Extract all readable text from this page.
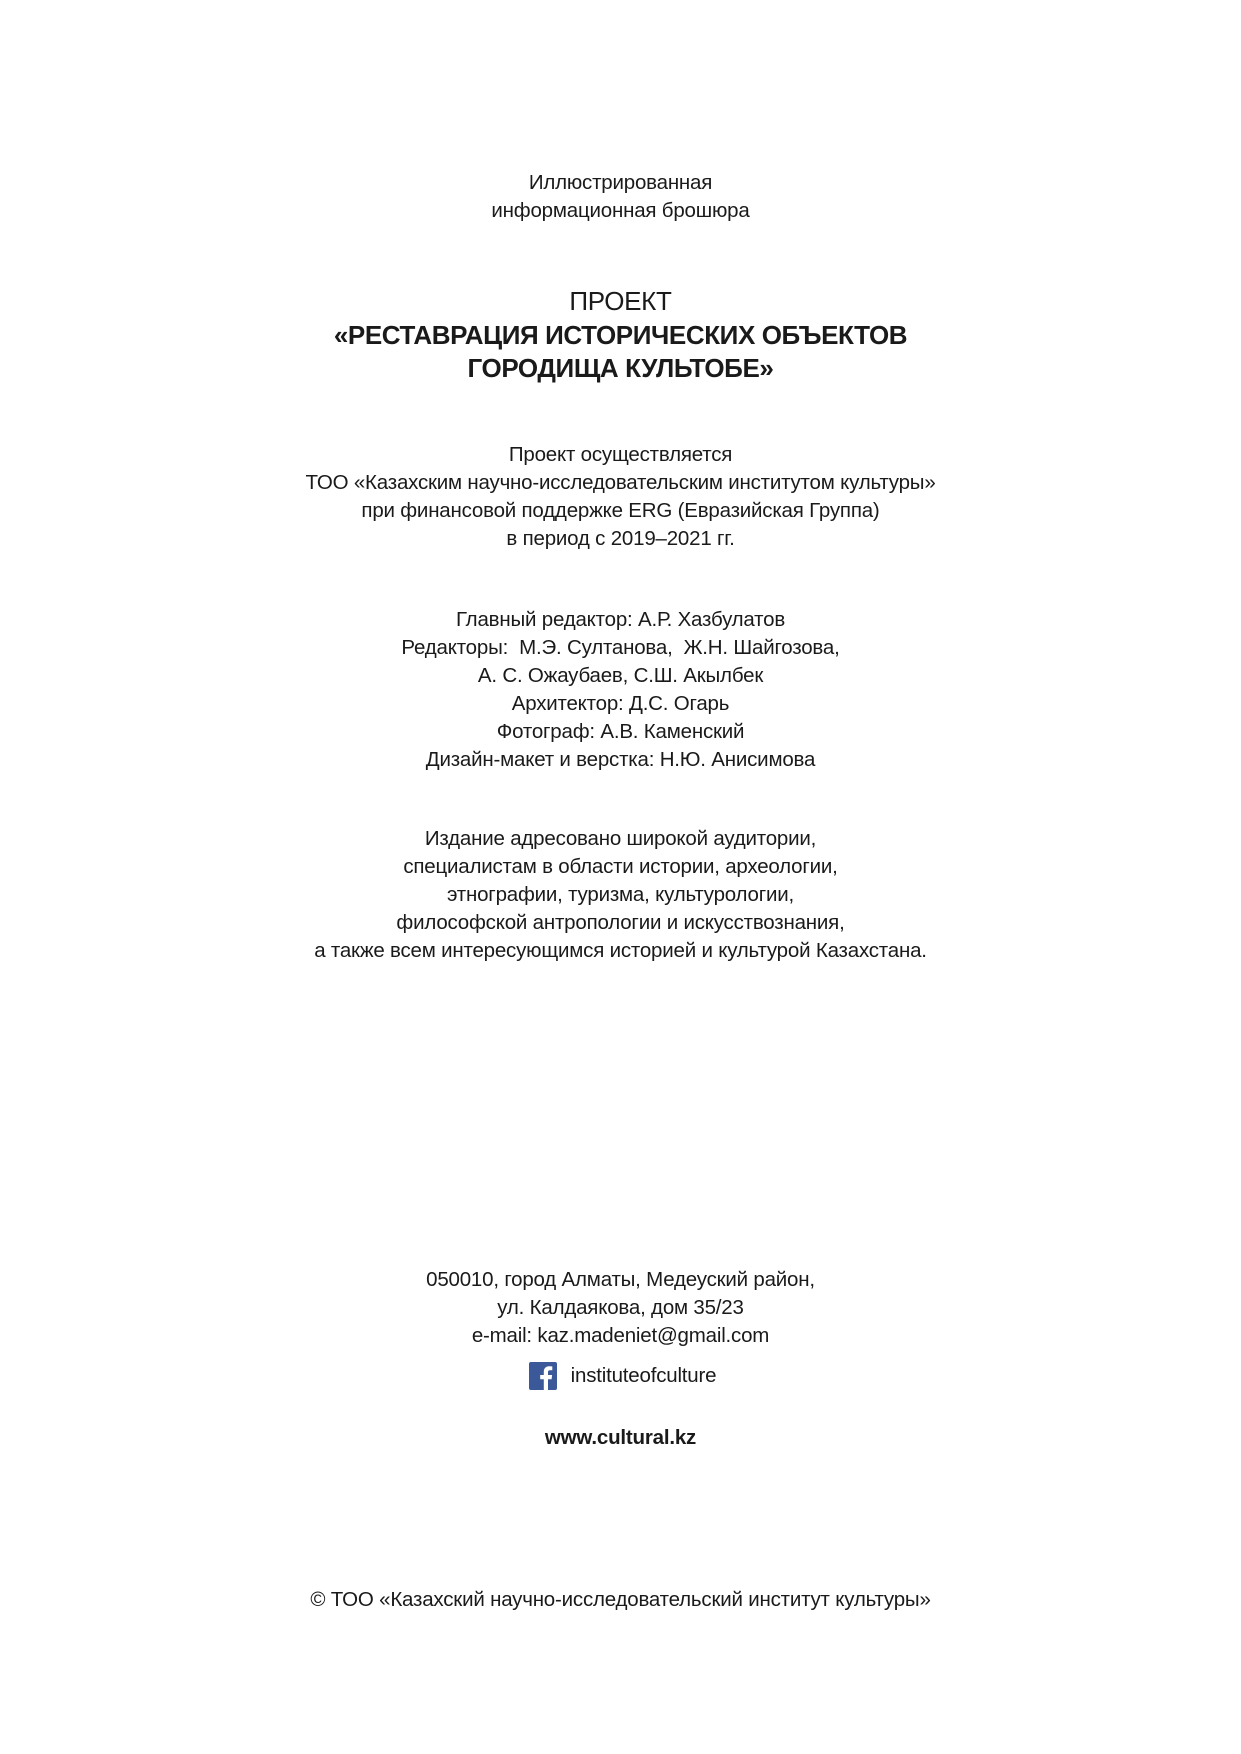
Иллюстрированная
информационная брошюра
ПРОЕКТ
«РЕСТАВРАЦИЯ ИСТОРИЧЕСКИХ ОБЪЕКТОВ
ГОРОДИЩА КУЛЬТОБЕ»
Проект осуществляется
ТОО «Казахским научно-исследовательским институтом культуры»
при финансовой поддержке ERG (Евразийская Группа)
в период с 2019–2021 гг.
Главный редактор: А.Р. Хазбулатов
Редакторы:  М.Э. Султанова,  Ж.Н. Шайгозова,
А. С. Ожаубаев, С.Ш. Акылбек
Архитектор: Д.С. Огарь
Фотограф: А.В. Каменский
Дизайн-макет и верстка: Н.Ю. Анисимова
Издание адресовано широкой аудитории,
специалистам в области истории, археологии,
этнографии, туризма, культурологии,
философской антропологии и искусствознания,
а также всем интересующимся историей и культурой Казахстана.
050010, город Алматы, Медеуский район,
ул. Калдаякова, дом 35/23
e-mail: kaz.madeniet@gmail.com
institutеofculture
www.cultural.kz
© ТОО «Казахский научно-исследовательский институт культуры»
